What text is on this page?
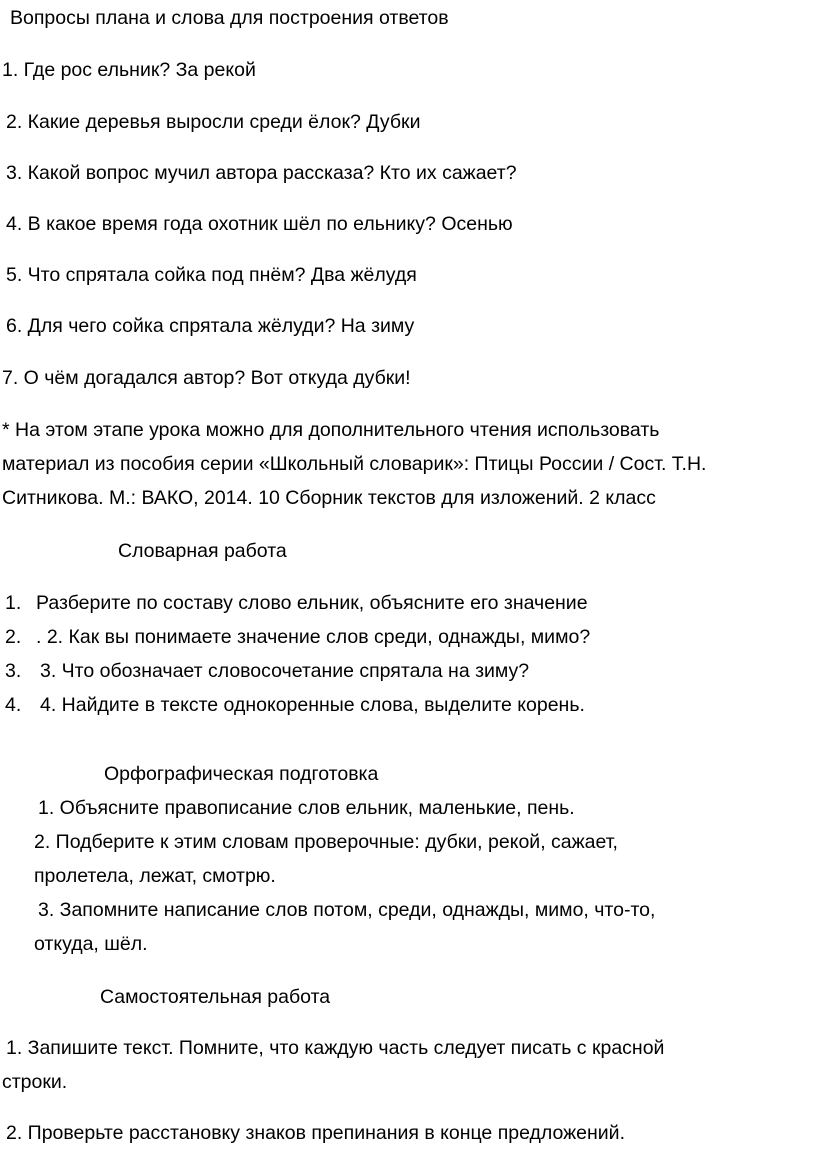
Вопросы плана и слова для построения ответов
1. Где рос ельник? За рекой
2. Какие деревья выросли среди ёлок? Дубки
3. Какой вопрос мучил автора рассказа? Кто их сажает?
4. В какое время года охотник шёл по ельнику? Осенью
5. Что спрятала сойка под пнём? Два жёлудя
6. Для чего сойка спрятала жёлуди? На зиму
7. О чём догадался автор? Вот откуда дубки!
* На этом этапе урока можно для дополнительного чтения использовать
материал из пособия серии «Школьный словарик»: Птицы России / Сост. Т.Н.
Ситникова. М.: ВАКО, 2014. 10 Сборник текстов для изложений. 2 класс
Словарная работа
1. Разберите по составу слово ельник, объясните его значение
2. . 2. Как вы понимаете значение слов среди, однажды, мимо?
3. 3. Что обозначает словосочетание спрятала на зиму?
4. 4. Найдите в тексте однокоренные слова, выделите корень.
Орфографическая подготовка
1. Объясните правописание слов ельник, маленькие, пень.
2. Подберите к этим словам проверочные: дубки, рекой, сажает,
пролетела, лежат, смотрю.
3. Запомните написание слов потом, среди, однажды, мимо, что-то,
откуда, шёл.
Самостоятельная работа
1. Запишите текст. Помните, что каждую часть следует писать с красной
строки.
2. Проверьте расстановку знаков препинания в конце предложений.
